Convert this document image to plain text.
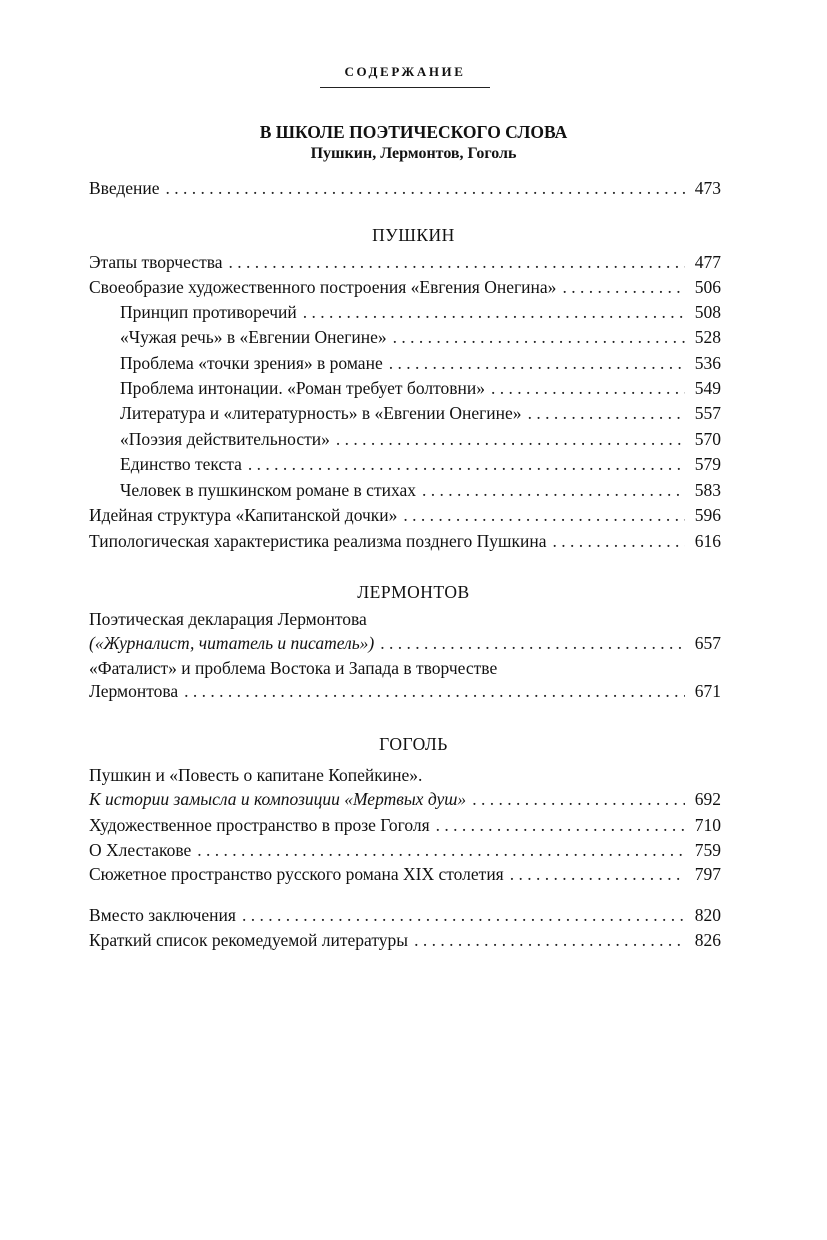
СОДЕРЖАНИЕ
В ШКОЛЕ ПОЭТИЧЕСКОГО СЛОВА
Пушкин, Лермонтов, Гоголь
Введение . . .	473
ПУШКИН
Этапы творчества . . .	477
Своеобразие художественного построения «Евгения Онегина» . . .	506
Принцип противоречий . . .	508
«Чужая речь» в «Евгении Онегине» . . .	528
Проблема «точки зрения» в романе . . .	536
Проблема интонации. «Роман требует болтовни» . . .	549
Литература и «литературность» в «Евгении Онегине» . . .	557
«Поэзия действительности» . . .	570
Единство текста . . .	579
Человек в пушкинском романе в стихах . . .	583
Идейная структура «Капитанской дочки» . . .	596
Типологическая характеристика реализма позднего Пушкина . . .	616
ЛЕРМОНТОВ
Поэтическая декларация Лермонтова
(«Журналист, читатель и писатель») . . .	657
«Фаталист» и проблема Востока и Запада в творчестве
Лермонтова . . .	671
ГОГОЛЬ
Пушкин и «Повесть о капитане Копейкине».
К истории замысла и композиции «Мертвых душ» . . .	692
Художественное пространство в прозе Гоголя . . .	710
О Хлестакове . . .	759
Сюжетное пространство русского романа XIX столетия . . .	797
Вместо заключения . . .	820
Краткий список рекомедуемой литературы . . .	826
